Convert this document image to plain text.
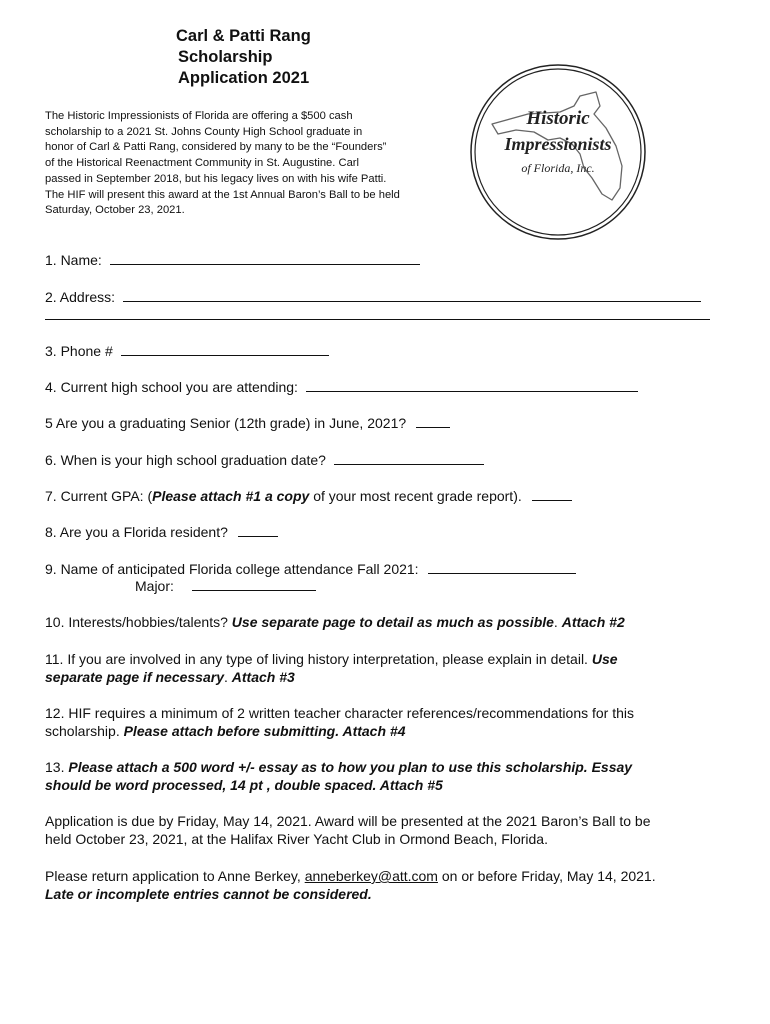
Carl & Patti Rang
Scholarship
Application 2021
The Historic Impressionists of Florida are offering a $500 cash
scholarship to a 2021 St. Johns County High School graduate in
honor of Carl & Patti Rang, considered by many to be the “Founders”
of the Historical Reenactment Community in St. Augustine. Carl
passed in September 2018, but his legacy lives on with his wife Patti.
The HIF will present this award at the 1st Annual Baron’s Ball to be held
Saturday, October 23, 2021.
Historic
Impressionists
of Florida, Inc.
1. Name:
2. Address:
3. Phone #
4. Current high school you are attending:
5 Are you a graduating Senior (12th grade) in June, 2021?
6. When is your high school graduation date?
7. Current GPA: (Please attach #1 a copy of your most recent grade report).
8. Are you a Florida resident?
9. Name of anticipated Florida college attendance Fall 2021:
Major:
10. Interests/hobbies/talents? Use separate page to detail as much as possible. Attach #2
11. If you are involved in any type of living history interpretation, please explain in detail. Use
separate page if necessary. Attach #3
12. HIF requires a minimum of 2 written teacher character references/recommendations for this
scholarship. Please attach before submitting. Attach #4
13. Please attach a 500 word +/- essay as to how you plan to use this scholarship. Essay
should be word processed, 14 pt , double spaced. Attach #5
Application is due by Friday, May 14, 2021. Award will be presented at the 2021 Baron’s Ball to be
held October 23, 2021, at the Halifax River Yacht Club in Ormond Beach, Florida.
Please return application to Anne Berkey, anneberkey@att.com on or before Friday, May 14, 2021.
Late or incomplete entries cannot be considered.
